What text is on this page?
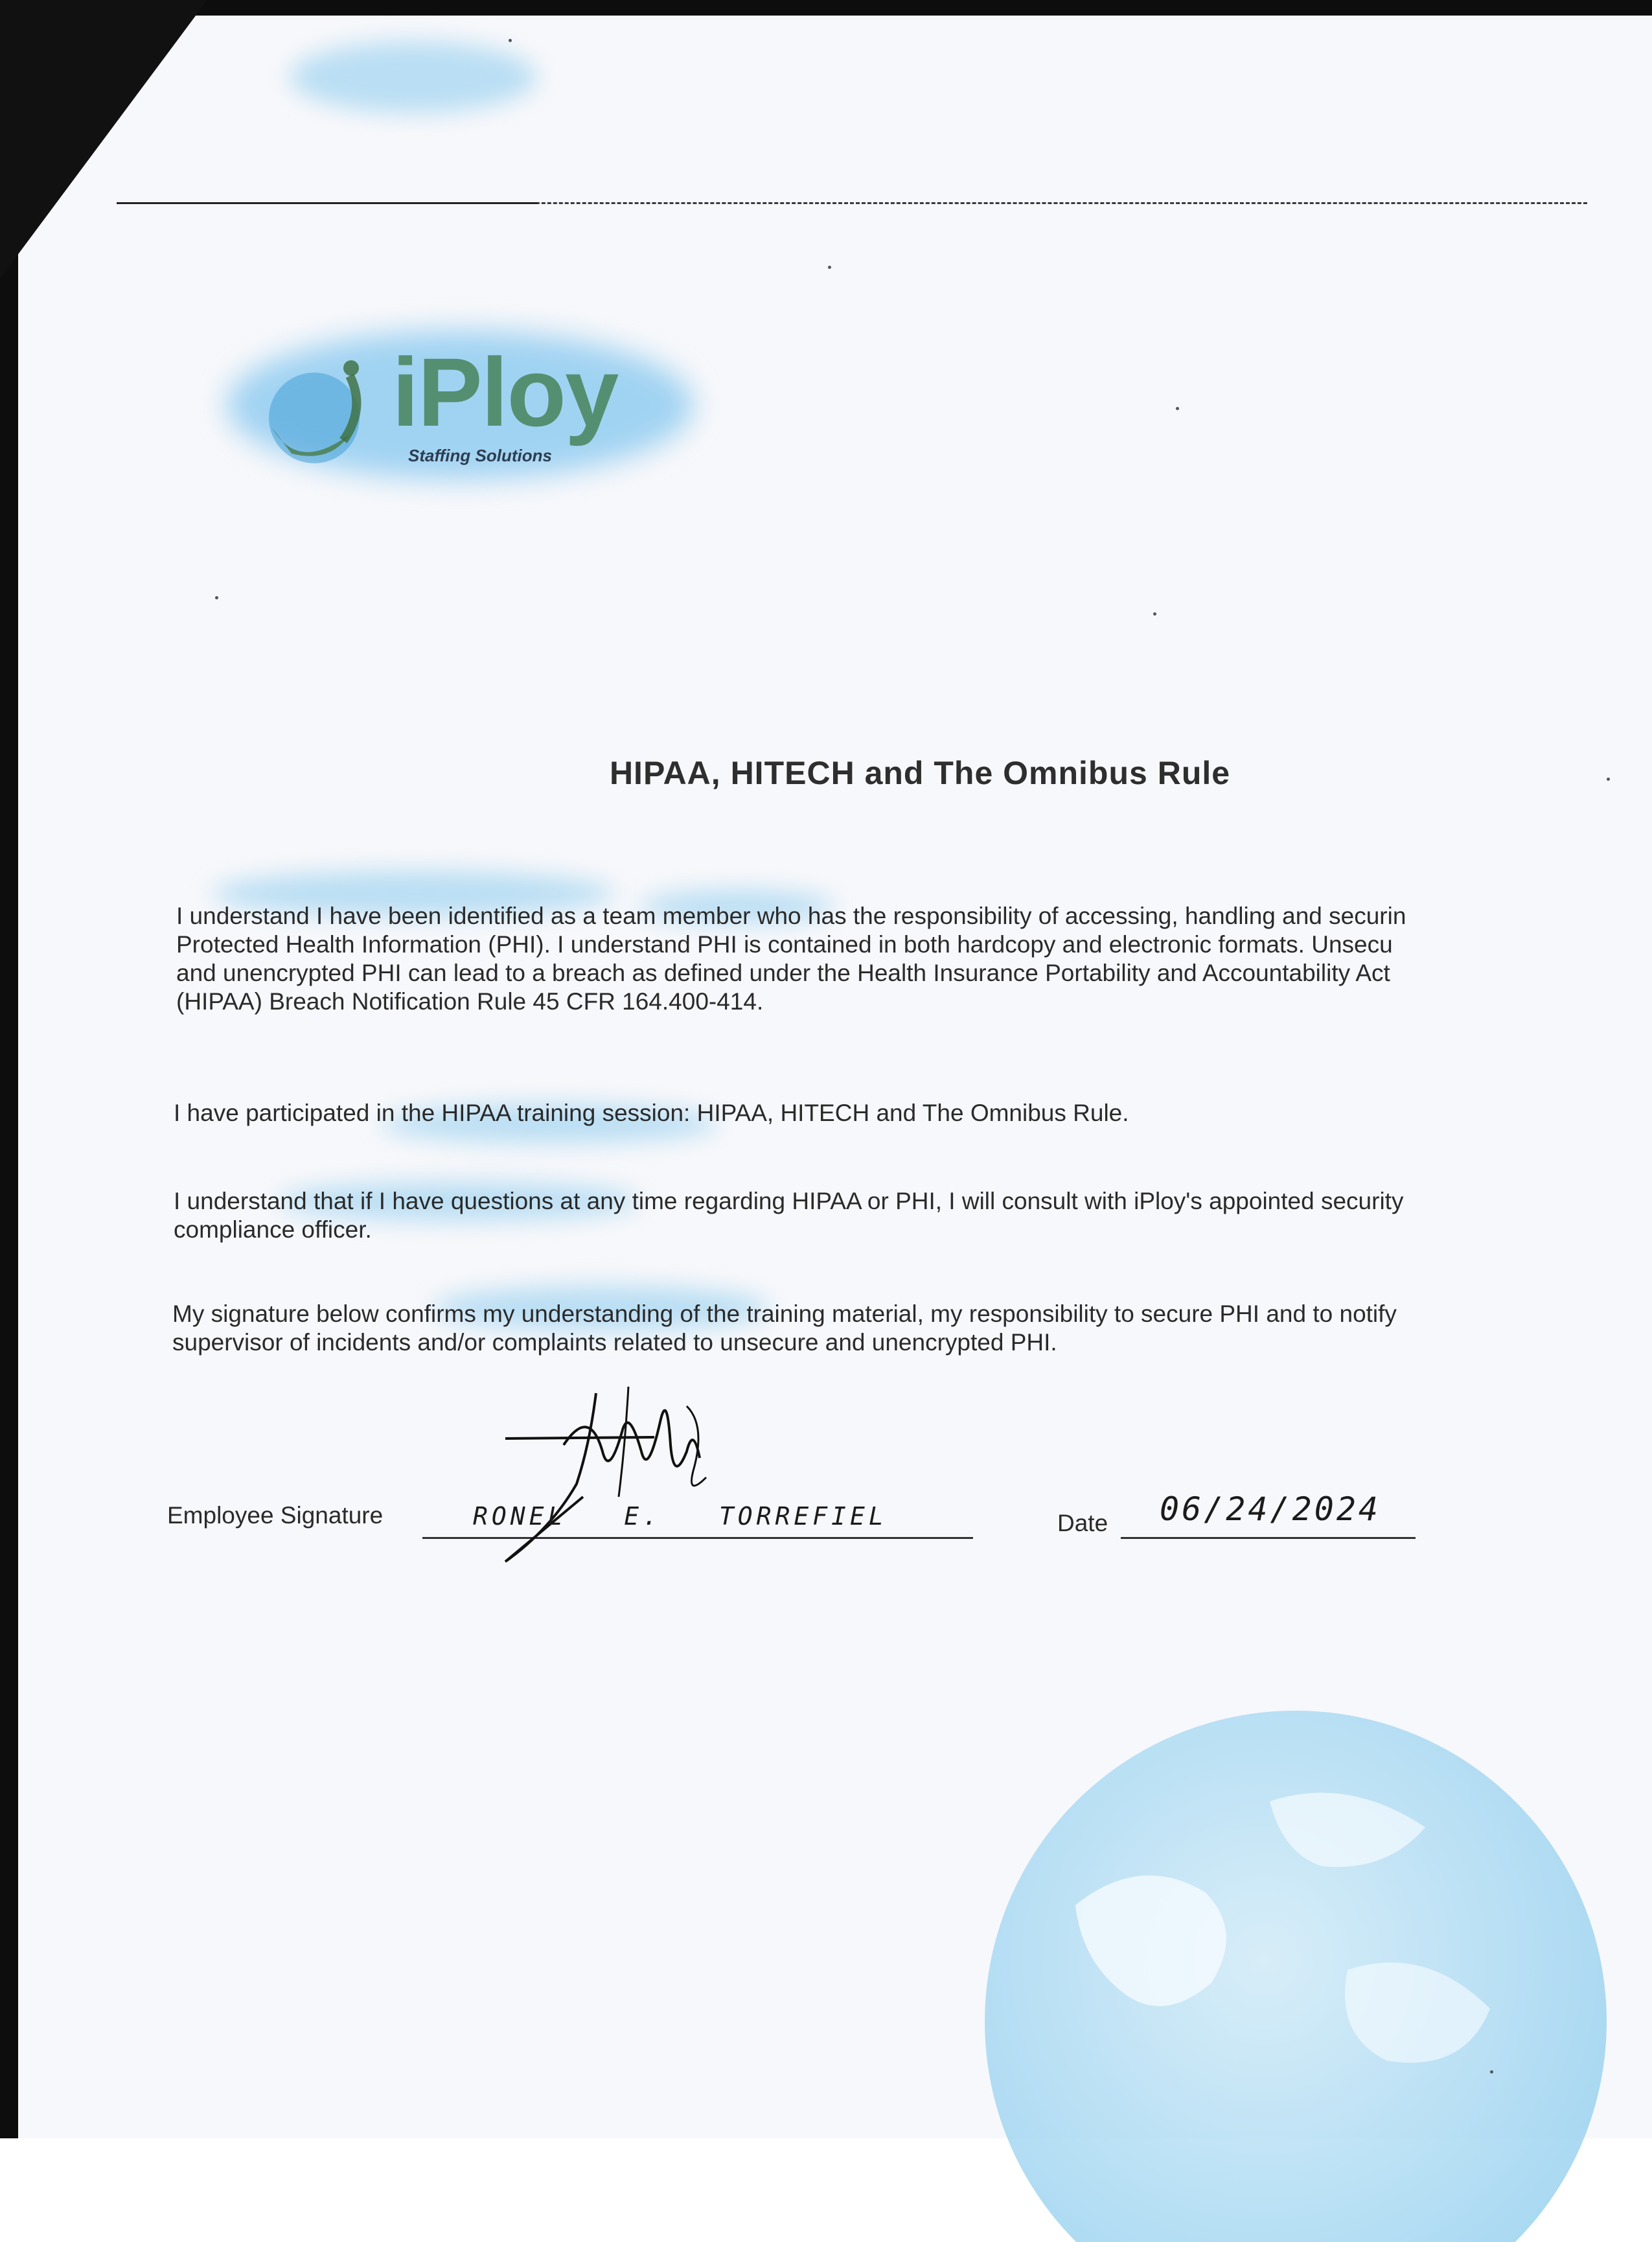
iPloy
Staffing Solutions
HIPAA, HITECH and The Omnibus Rule
I understand I have been identified as a team member who has the responsibility of accessing, handling and securin
Protected Health Information (PHI). I understand PHI is contained in both hardcopy and electronic formats. Unsecu
and unencrypted PHI can lead to a breach as defined under the Health Insurance Portability and Accountability Act
(HIPAA) Breach Notification Rule 45 CFR 164.400-414.
I have participated in the HIPAA training session: HIPAA, HITECH and The Omnibus Rule.
I understand that if I have questions at any time regarding HIPAA or PHI, I will consult with iPloy's appointed security
compliance officer.
My signature below confirms my understanding of the training material, my responsibility to secure PHI and to notify
supervisor of incidents and/or complaints related to unsecure and unencrypted PHI.
Employee Signature	RONEL E. TORREFIEL	Date 06/24/2024
